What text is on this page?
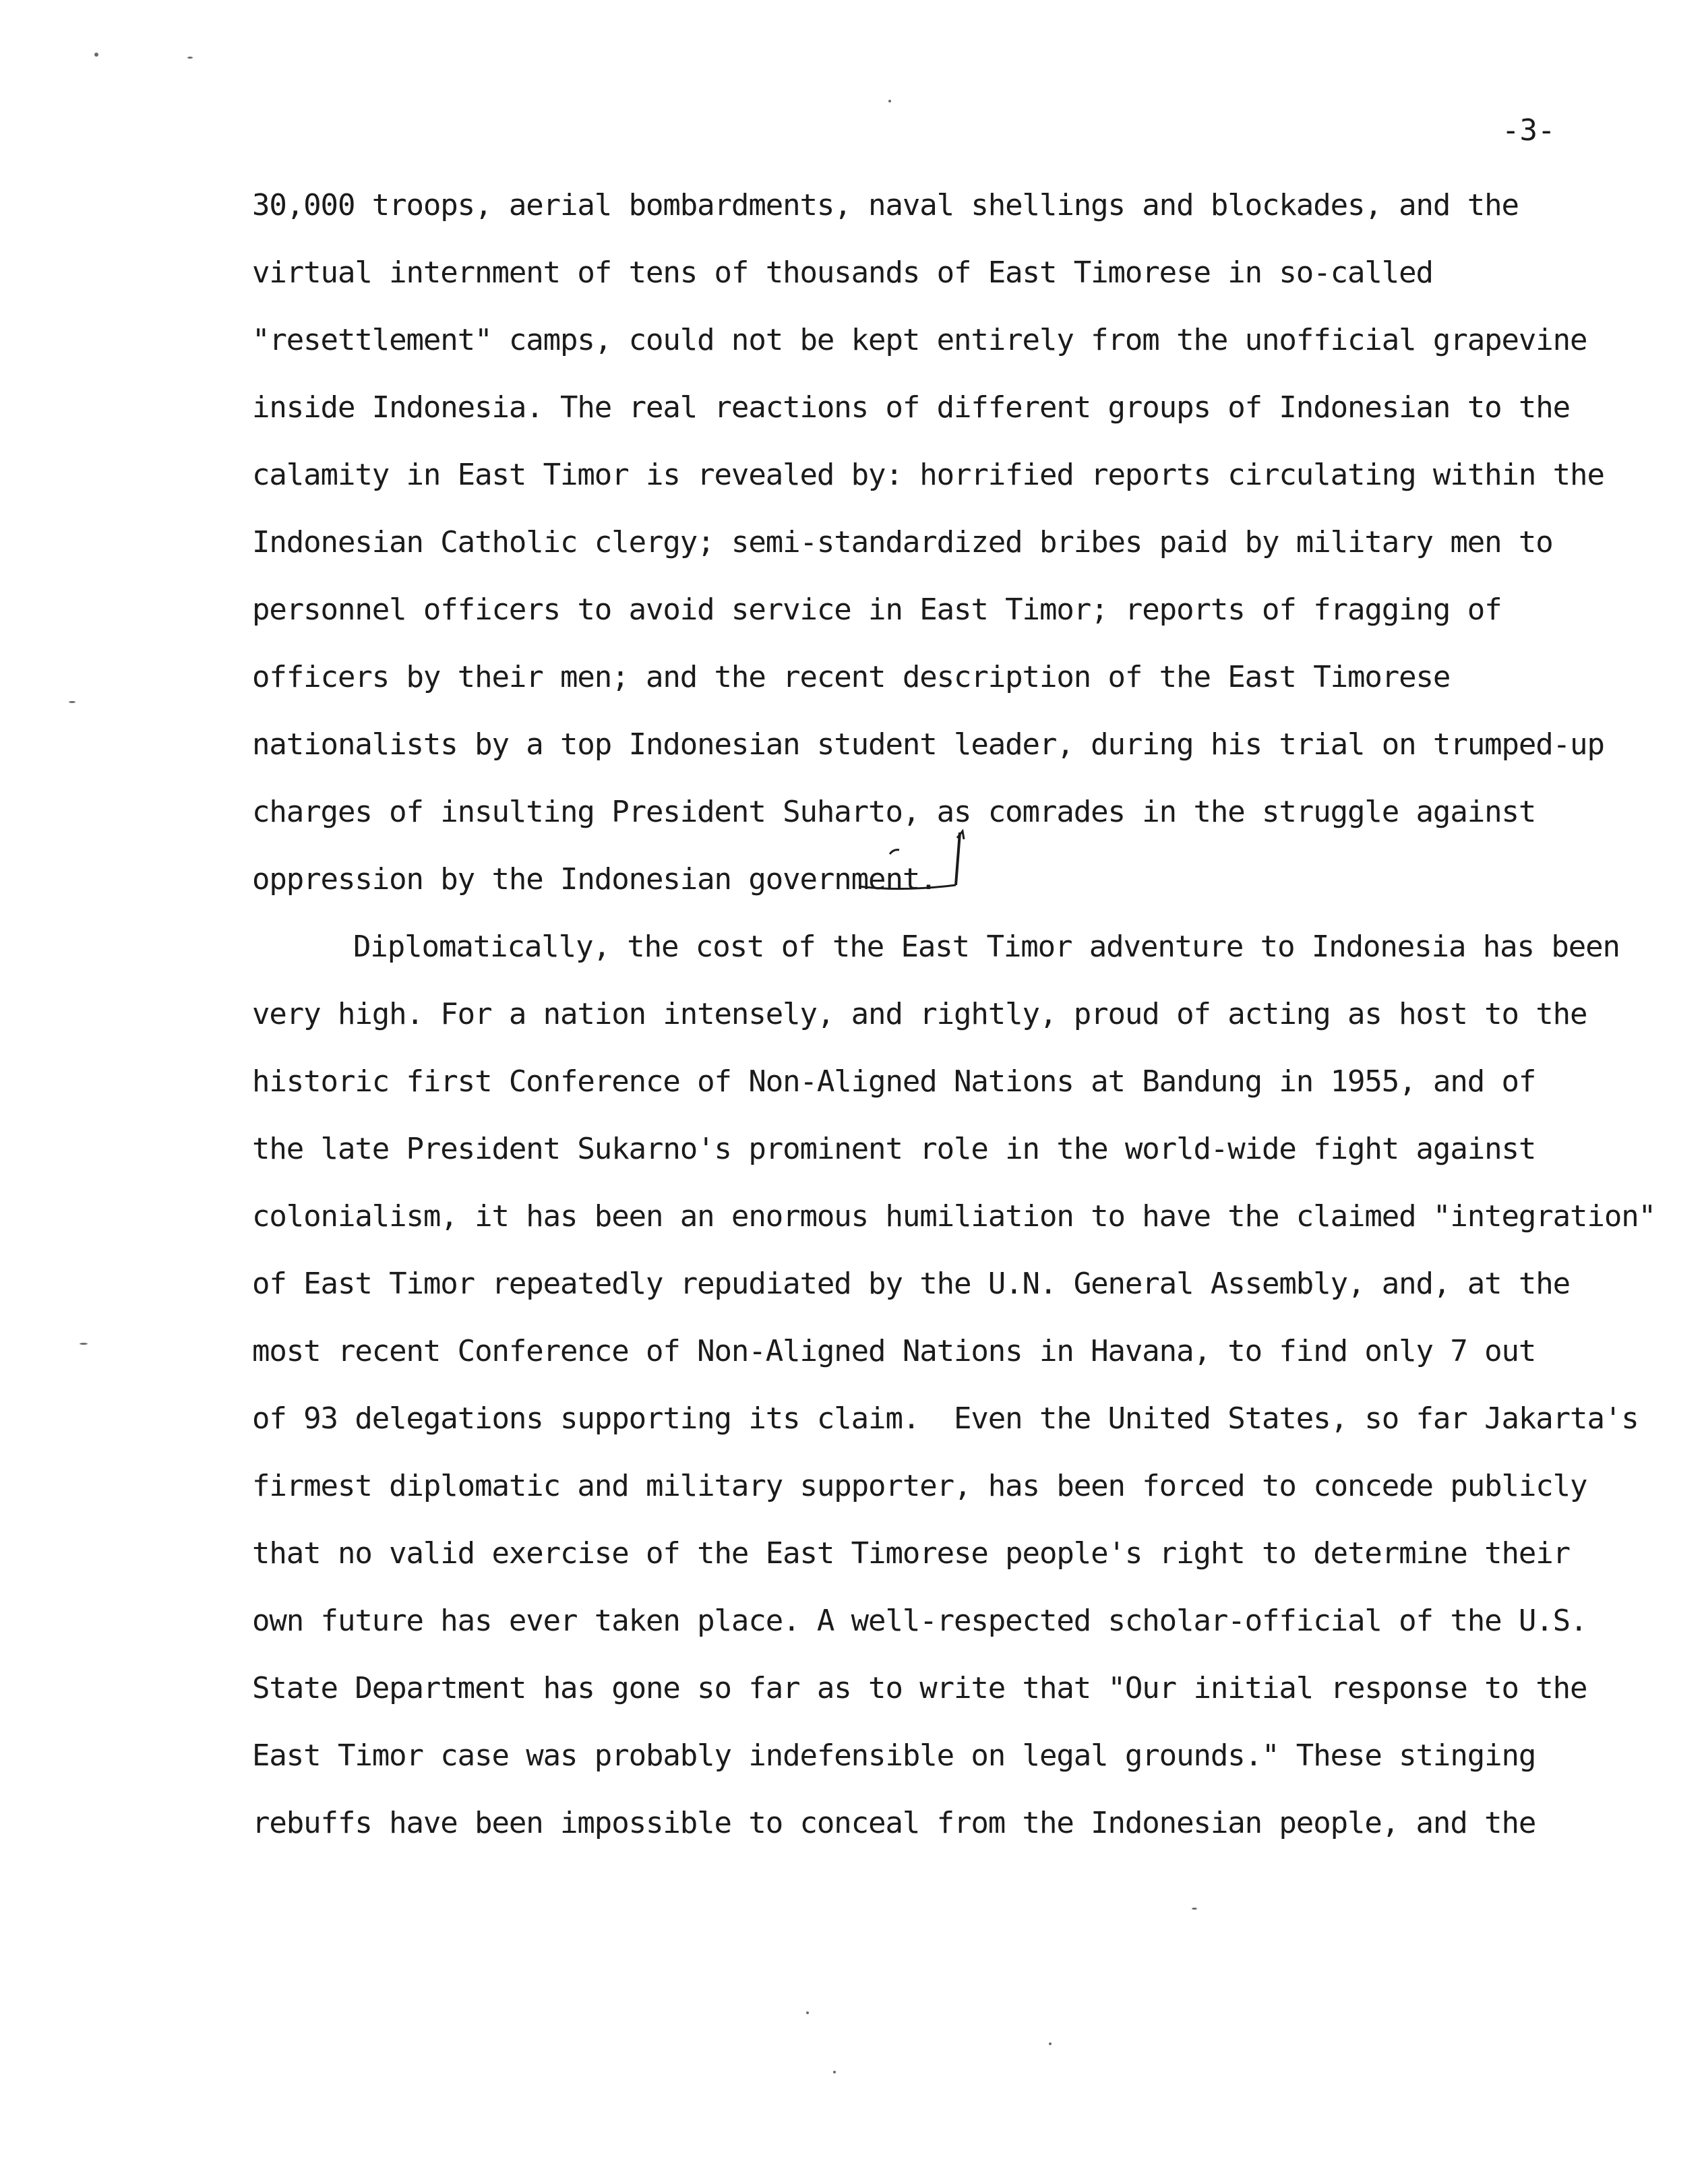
-3-
30,000 troops, aerial bombardments, naval shellings and blockades, and the
virtual internment of tens of thousands of East Timorese in so-called
"resettlement" camps, could not be kept entirely from the unofficial grapevine
inside Indonesia. The real reactions of different groups of Indonesian to the
calamity in East Timor is revealed by: horrified reports circulating within the
Indonesian Catholic clergy; semi-standardized bribes paid by military men to
personnel officers to avoid service in East Timor; reports of fragging of
officers by their men; and the recent description of the East Timorese
nationalists by a top Indonesian student leader, during his trial on trumped-up
charges of insulting President Suharto, as comrades in the struggle against
oppression by the Indonesian government.
Diplomatically, the cost of the East Timor adventure to Indonesia has been
very high. For a nation intensely, and rightly, proud of acting as host to the
historic first Conference of Non-Aligned Nations at Bandung in 1955, and of
the late President Sukarno's prominent role in the world-wide fight against
colonialism, it has been an enormous humiliation to have the claimed "integration"
of East Timor repeatedly repudiated by the U.N. General Assembly, and, at the
most recent Conference of Non-Aligned Nations in Havana, to find only 7 out
of 93 delegations supporting its claim.  Even the United States, so far Jakarta's
firmest diplomatic and military supporter, has been forced to concede publicly
that no valid exercise of the East Timorese people's right to determine their
own future has ever taken place. A well-respected scholar-official of the U.S.
State Department has gone so far as to write that "Our initial response to the
East Timor case was probably indefensible on legal grounds." These stinging
rebuffs have been impossible to conceal from the Indonesian people, and the
